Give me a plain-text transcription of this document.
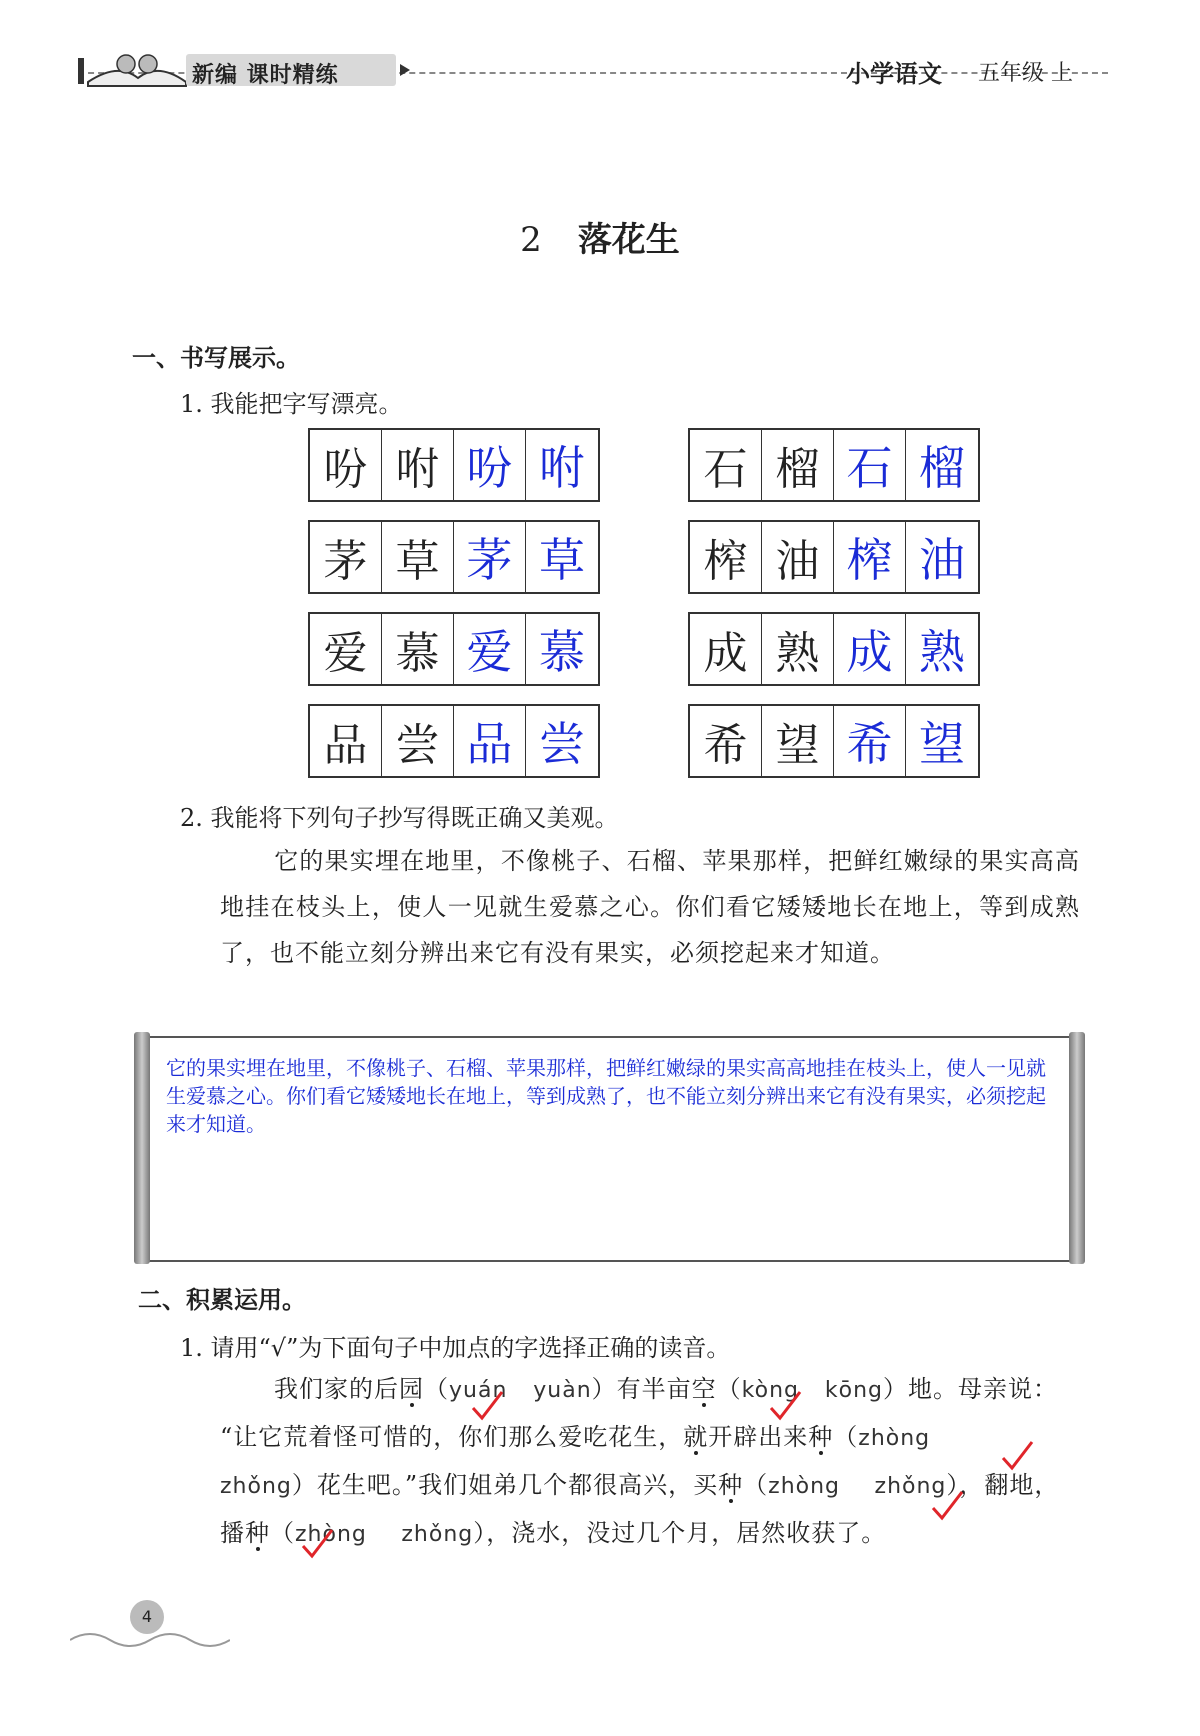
新编 课时精练	小学语文 五年级 上
2 落花生
一、书写展示。
1. 我能把字写漂亮。
吩 咐 吩 咐	石 榴 石 榴
茅 草 茅 草	榨 油 榨 油
爱 慕 爱 慕	成 熟 成 熟
品 尝 品 尝	希 望 希 望
2. 我能将下列句子抄写得既正确又美观。
它的果实埋在地里，不像桃子、石榴、苹果那样，把鲜红嫩绿的果实高高地挂在枝头上，使人一见就生爱慕之心。你们看它矮矮地长在地上，等到成熟了，也不能立刻分辨出来它有没有果实，必须挖起来才知道。
它的果实埋在地里，不像桃子、石榴、苹果那样，把鲜红嫩绿的果实高高地挂在枝头上，使人一见就生爱慕之心。你们看它矮矮地长在地上，等到成熟了，也不能立刻分辨出来它有没有果实，必须挖起来才知道。
二、积累运用。
1. 请用“√”为下面句子中加点的字选择正确的读音。
我们家的后园（yuán yuàn）有半亩空（kòng kōng）地。母亲说：
“让它荒着怪可惜的，你们那么爱吃花生，就开辟出来种（zhòng
zhǒng）花生吧。”我们姐弟几个都很高兴，买种（zhòng zhǒng），翻地，
播种（zhòng zhǒng），浇水，没过几个月，居然收获了。
4
